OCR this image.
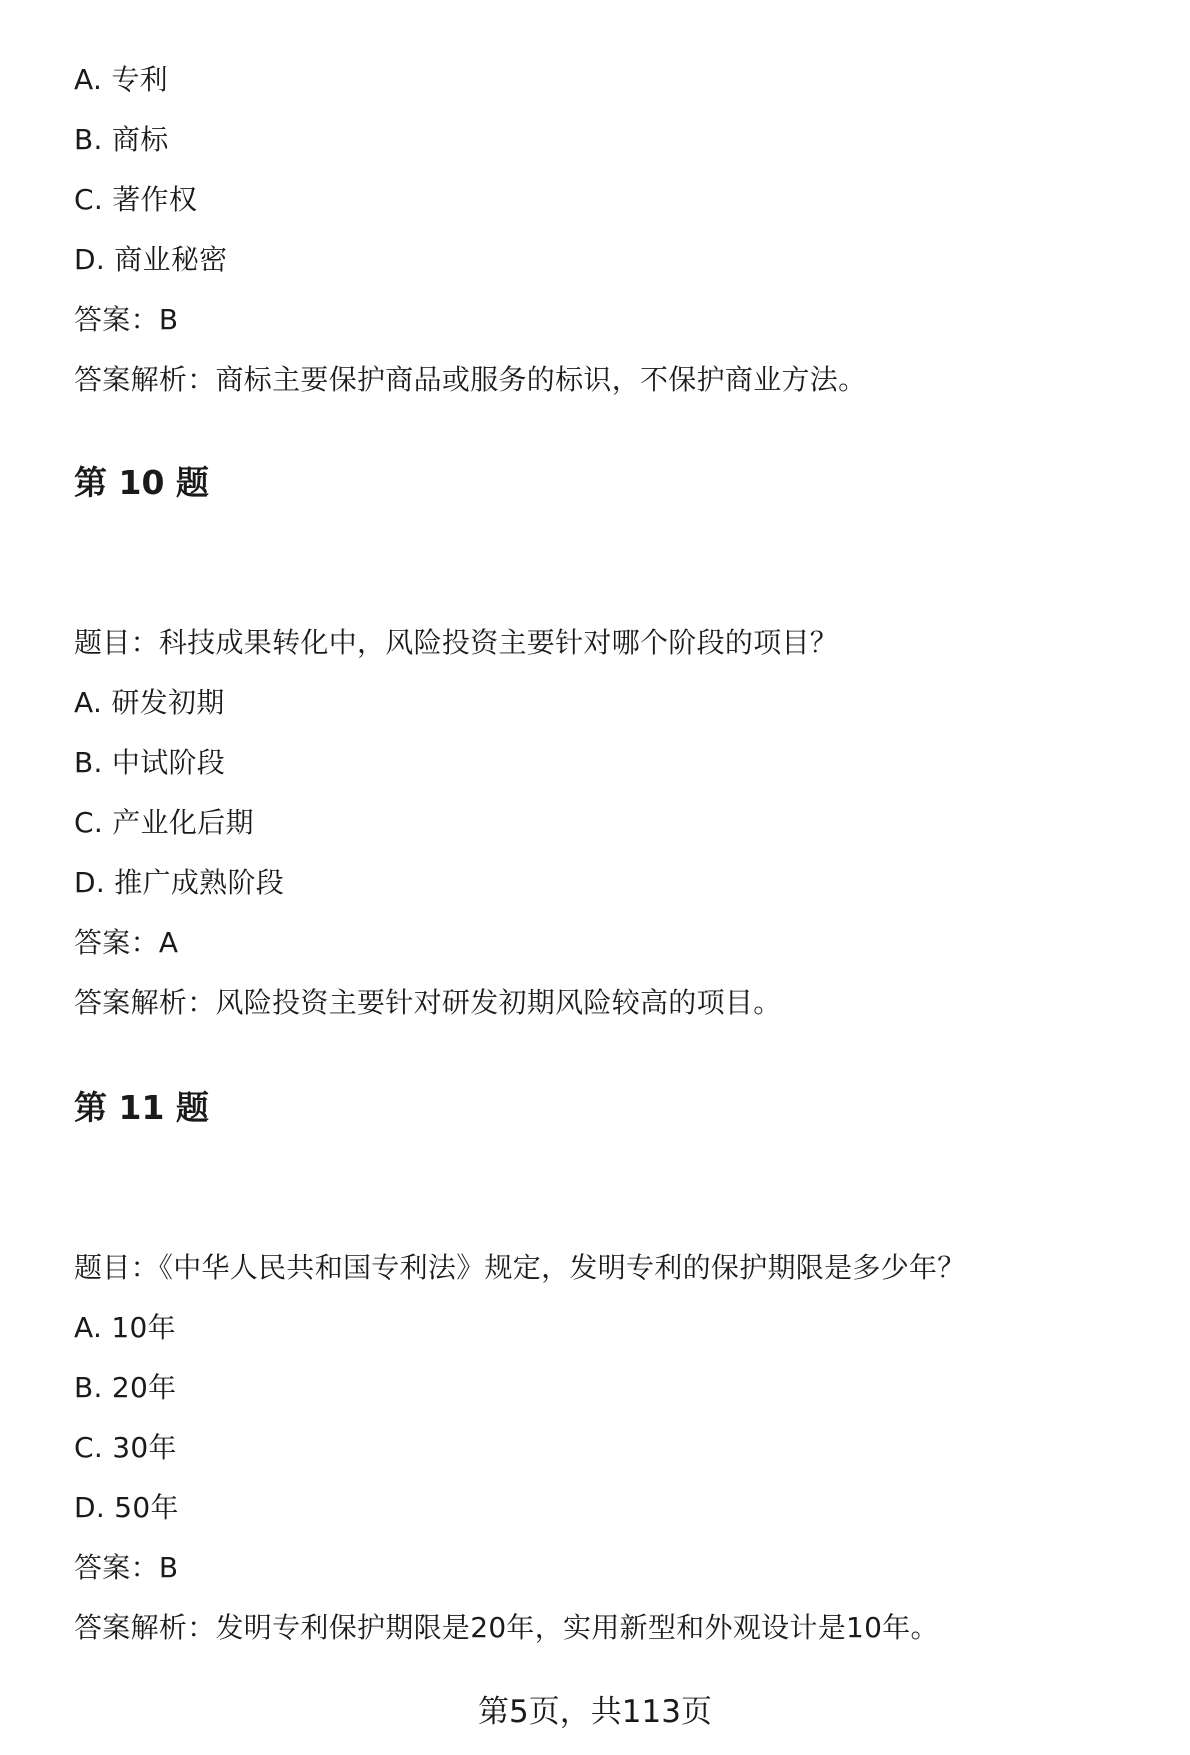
A. 专利
B. 商标
C. 著作权
D. 商业秘密
答案：B
答案解析：商标主要保护商品或服务的标识，不保护商业方法。
第 10 题
题目：科技成果转化中，风险投资主要针对哪个阶段的项目？
A. 研发初期
B. 中试阶段
C. 产业化后期
D. 推广成熟阶段
答案：A
答案解析：风险投资主要针对研发初期风险较高的项目。
第 11 题
题目：《中华人民共和国专利法》规定，发明专利的保护期限是多少年？
A. 10年
B. 20年
C. 30年
D. 50年
答案：B
答案解析：发明专利保护期限是20年，实用新型和外观设计是10年。
第5页，共113页
